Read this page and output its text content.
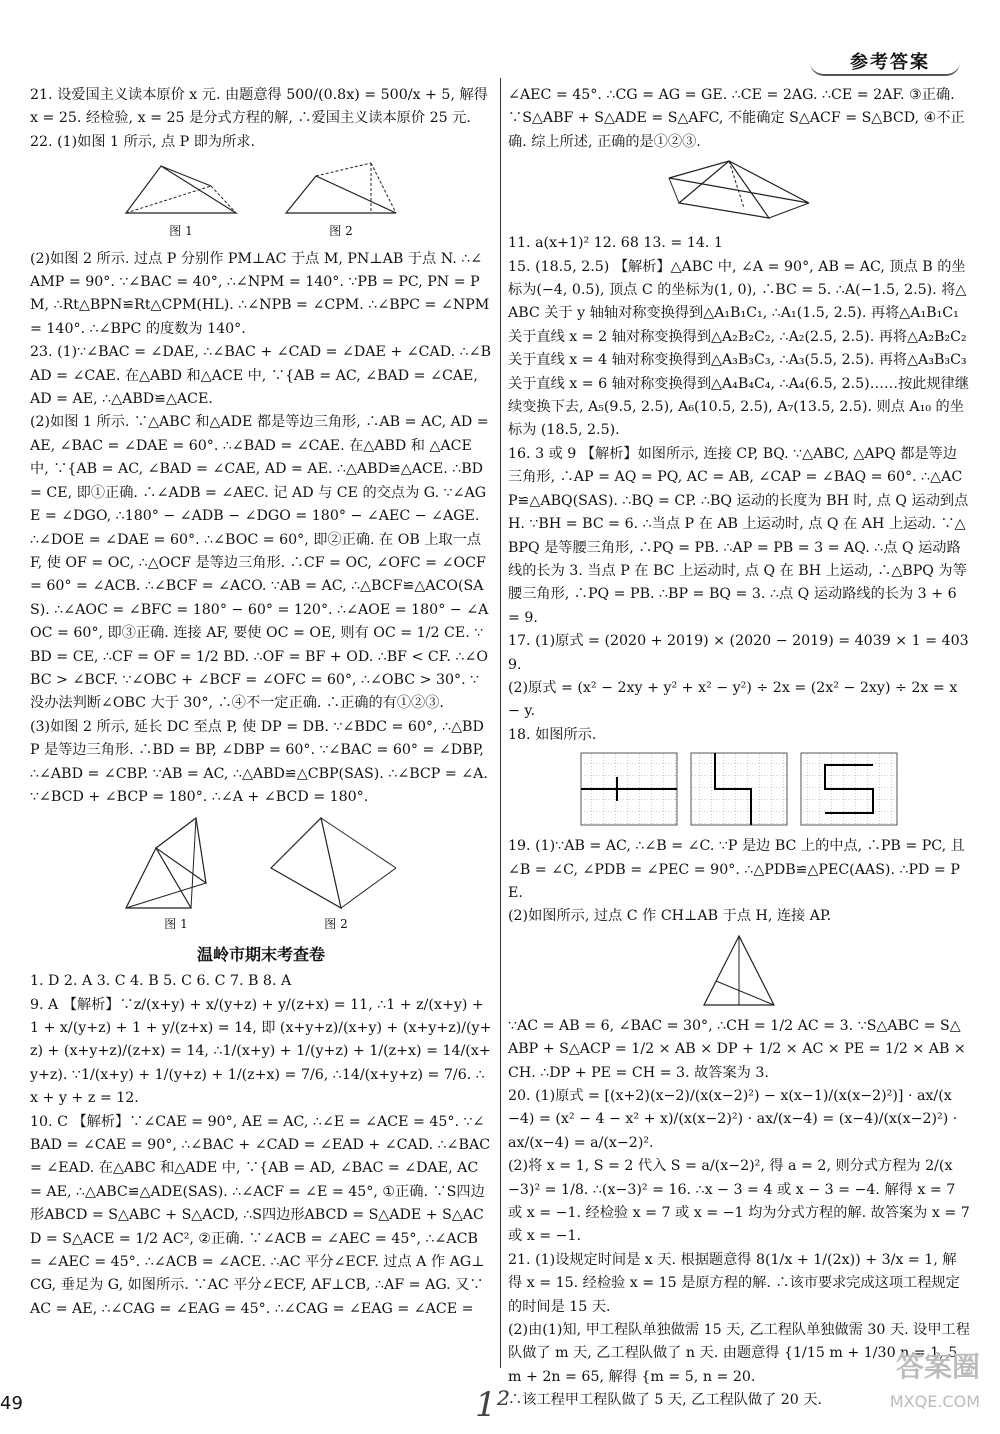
参考答案

21. 设爱国主义读本原价 x 元. 由题意得 500/(0.8x) = 500/x + 5, 解得 x = 25. 经检验, x = 25 是分式方程的解, ∴爱国主义读本原价 25 元.

22. (1)如图 1 所示, 点 P 即为所求.

图 1	图 2

(2)如图 2 所示. 过点 P 分别作 PM⊥AC 于点 M, PN⊥AB 于点 N. ∴∠AMP = 90°. ∵∠BAC = 40°, ∴∠NPM = 140°. ∵PB = PC, PN = PM, ∴Rt△BPN≌Rt△CPM(HL). ∴∠NPB = ∠CPM. ∴∠BPC = ∠NPM = 140°. ∴∠BPC 的度数为 140°.

23. (1)∵∠BAC = ∠DAE, ∴∠BAC + ∠CAD = ∠DAE + ∠CAD. ∴∠BAD = ∠CAE. 在△ABD 和△ACE 中, ∵{AB = AC, ∠BAD = ∠CAE, AD = AE, ∴△ABD≌△ACE.

(2)如图 1 所示. ∵△ABC 和△ADE 都是等边三角形, ∴AB = AC, AD = AE, ∠BAC = ∠DAE = 60°. ∴∠BAD = ∠CAE. 在△ABD 和 △ACE 中, ∵{AB = AC, ∠BAD = ∠CAE, AD = AE. ∴△ABD≌△ACE. ∴BD = CE, 即①正确. ∴∠ADB = ∠AEC. 记 AD 与 CE 的交点为 G. ∵∠AGE = ∠DGO, ∴180° − ∠ADB − ∠DGO = 180° − ∠AEC − ∠AGE. ∴∠DOE = ∠DAE = 60°. ∴∠BOC = 60°, 即②正确. 在 OB 上取一点 F, 使 OF = OC, ∴△OCF 是等边三角形. ∴CF = OC, ∠OFC = ∠OCF = 60° = ∠ACB. ∴∠BCF = ∠ACO. ∵AB = AC, ∴△BCF≌△ACO(SAS). ∴∠AOC = ∠BFC = 180° − 60° = 120°. ∴∠AOE = 180° − ∠AOC = 60°, 即③正确. 连接 AF, 要使 OC = OE, 则有 OC = 1/2 CE. ∵BD = CE, ∴CF = OF = 1/2 BD. ∴OF = BF + OD. ∴BF < CF. ∴∠OBC > ∠BCF. ∵∠OBC + ∠BCF = ∠OFC = 60°, ∴∠OBC > 30°. ∵没办法判断∠OBC 大于 30°, ∴④不一定正确. ∴正确的有①②③.

(3)如图 2 所示, 延长 DC 至点 P, 使 DP = DB. ∵∠BDC = 60°, ∴△BDP 是等边三角形. ∴BD = BP, ∠DBP = 60°. ∵∠BAC = 60° = ∠DBP, ∴∠ABD = ∠CBP. ∵AB = AC, ∴△ABD≌△CBP(SAS). ∴∠BCP = ∠A. ∵∠BCD + ∠BCP = 180°. ∴∠A + ∠BCD = 180°.

图 1	图 2
温岭市期末考查卷

1. D 2. A 3. C 4. B 5. C 6. C 7. B 8. A

9. A 【解析】∵z/(x+y) + x/(y+z) + y/(z+x) = 11, ∴1 + z/(x+y) + 1 + x/(y+z) + 1 + y/(z+x) = 14, 即 (x+y+z)/(x+y) + (x+y+z)/(y+z) + (x+y+z)/(z+x) = 14, ∴1/(x+y) + 1/(y+z) + 1/(z+x) = 14/(x+y+z). ∵1/(x+y) + 1/(y+z) + 1/(z+x) = 7/6, ∴14/(x+y+z) = 7/6. ∴x + y + z = 12.

10. C 【解析】∵∠CAE = 90°, AE = AC, ∴∠E = ∠ACE = 45°. ∵∠BAD = ∠CAE = 90°, ∴∠BAC + ∠CAD = ∠EAD + ∠CAD. ∴∠BAC = ∠EAD. 在△ABC 和△ADE 中, ∵{AB = AD, ∠BAC = ∠DAE, AC = AE, ∴△ABC≌△ADE(SAS). ∴∠ACF = ∠E = 45°, ①正确. ∵S四边形ABCD = S△ABC + S△ACD, ∴S四边形ABCD = S△ADE + S△ACD = S△ACE = 1/2 AC², ②正确. ∵∠ACB = ∠AEC = 45°, ∴∠ACB = ∠AEC = 45°. ∴∠ACB = ∠ACE. ∴AC 平分∠ECF. 过点 A 作 AG⊥CG, 垂足为 G, 如图所示. ∵AC 平分∠ECF, AF⊥CB, ∴AF = AG. 又∵AC = AE, ∴∠CAG = ∠EAG = 45°. ∴∠CAG = ∠EAG = ∠ACE =

∠AEC = 45°. ∴CG = AG = GE. ∴CE = 2AG. ∴CE = 2AF. ③正确. ∵S△ABF + S△ADE = S△AFC, 不能确定 S△ACF = S△BCD, ④不正确. 综上所述, 正确的是①②③.

11. a(x+1)² 12. 68 13. = 14. 1

15. (18.5, 2.5) 【解析】△ABC 中, ∠A = 90°, AB = AC, 顶点 B 的坐标为(−4, 0.5), 顶点 C 的坐标为(1, 0), ∴BC = 5. ∴A(−1.5, 2.5). 将△ABC 关于 y 轴轴对称变换得到△A₁B₁C₁, ∴A₁(1.5, 2.5). 再将△A₁B₁C₁ 关于直线 x = 2 轴对称变换得到△A₂B₂C₂, ∴A₂(2.5, 2.5). 再将△A₂B₂C₂ 关于直线 x = 4 轴对称变换得到△A₃B₃C₃, ∴A₃(5.5, 2.5). 再将△A₃B₃C₃ 关于直线 x = 6 轴对称变换得到△A₄B₄C₄, ∴A₄(6.5, 2.5)……按此规律继续变换下去, A₅(9.5, 2.5), A₆(10.5, 2.5), A₇(13.5, 2.5). 则点 A₁₀ 的坐标为 (18.5, 2.5).

16. 3 或 9 【解析】如图所示, 连接 CP, BQ. ∵△ABC, △APQ 都是等边三角形, ∴AP = AQ = PQ, AC = AB, ∠CAP = ∠BAQ = 60°. ∴△ACP≌△ABQ(SAS). ∴BQ = CP. ∴BQ 运动的长度为 BH 时, 点 Q 运动到点 H. ∵BH = BC = 6. ∴当点 P 在 AB 上运动时, 点 Q 在 AH 上运动. ∵△BPQ 是等腰三角形, ∴PQ = PB. ∴AP = PB = 3 = AQ. ∴点 Q 运动路线的长为 3. 当点 P 在 BC 上运动时, 点 Q 在 BH 上运动, ∴△BPQ 为等腰三角形, ∴PQ = PB. ∴BP = BQ = 3. ∴点 Q 运动路线的长为 3 + 6 = 9.

17. (1)原式 = (2020 + 2019) × (2020 − 2019) = 4039 × 1 = 4039.

(2)原式 = (x² − 2xy + y² + x² − y²) ÷ 2x = (2x² − 2xy) ÷ 2x = x − y.

18. 如图所示.

19. (1)∵AB = AC, ∴∠B = ∠C. ∵P 是边 BC 上的中点, ∴PB = PC, 且∠B = ∠C, ∠PDB = ∠PEC = 90°. ∴△PDB≌△PEC(AAS). ∴PD = PE.

(2)如图所示, 过点 C 作 CH⊥AB 于点 H, 连接 AP.

∵AC = AB = 6, ∠BAC = 30°, ∴CH = 1/2 AC = 3. ∵S△ABC = S△ABP + S△ACP = 1/2 × AB × DP + 1/2 × AC × PE = 1/2 × AB × CH. ∴DP + PE = CH = 3. 故答案为 3.

20. (1)原式 = [(x+2)(x−2)/(x(x−2)²) − x(x−1)/(x(x−2)²)] · ax/(x−4) = (x² − 4 − x² + x)/(x(x−2)²) · ax/(x−4) = (x−4)/(x(x−2)²) · ax/(x−4) = a/(x−2)².

(2)将 x = 1, S = 2 代入 S = a/(x−2)², 得 a = 2, 则分式方程为 2/(x−3)² = 1/8. ∴(x−3)² = 16. ∴x − 3 = 4 或 x − 3 = −4. 解得 x = 7 或 x = −1. 经检验 x = 7 或 x = −1 均为分式方程的解. 故答案为 x = 7 或 x = −1.

21. (1)设规定时间是 x 天. 根据题意得 8(1/x + 1/(2x)) + 3/x = 1, 解得 x = 15. 经检验 x = 15 是原方程的解. ∴该市要求完成这项工程规定的时间是 15 天.

(2)由(1)知, 甲工程队单独做需 15 天, 乙工程队单独做需 30 天. 设甲工程队做了 m 天, 乙工程队做了 n 天. 由题意得 {1/15 m + 1/30 n = 1, 5m + 2n = 65, 解得 {m = 5, n = 20.

∴该工程甲工程队做了 5 天, 乙工程队做了 20 天.

49	1²
答案圈
MXQE.COM
